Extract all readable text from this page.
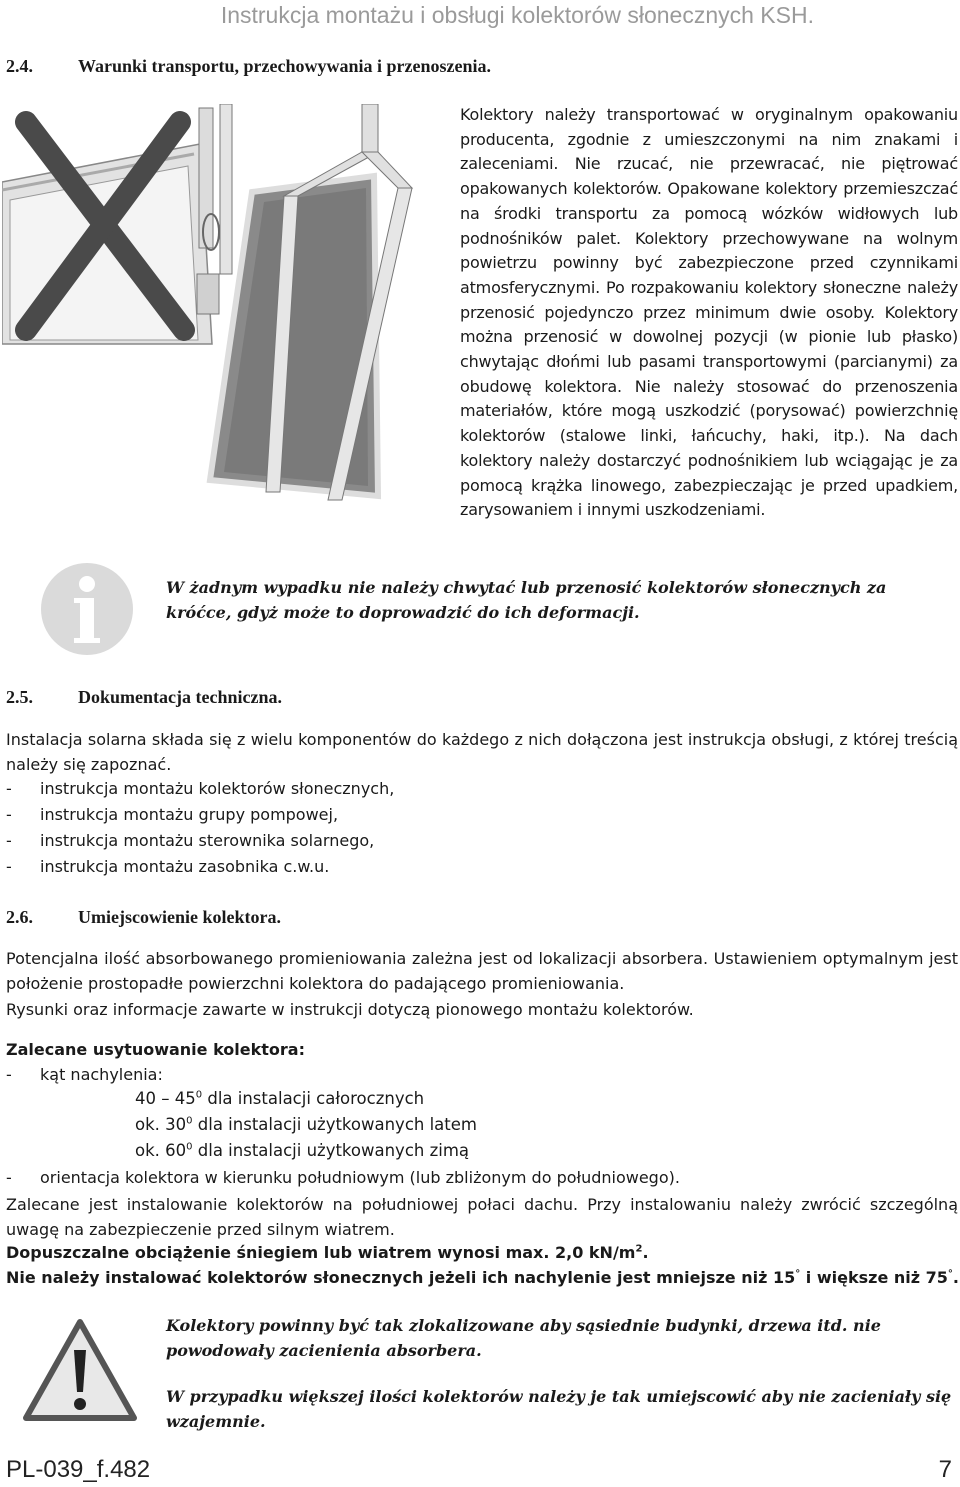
Instrukcja montażu i obsługi kolektorów słonecznych KSH.
2.4.	Warunki transportu, przechowywania i przenoszenia.
Kolektory należy transportować w oryginalnym opakowaniu producenta, zgodnie z umieszczonymi na nim znakami i zaleceniami. Nie rzucać, nie przewracać, nie piętrować opakowanych kolektorów. Opakowane kolektory przemieszczać na środki transportu za pomocą wózków widłowych lub podnośników palet. Kolektory przechowywane na wolnym powietrzu powinny być zabezpieczone przed czynnikami atmosferycznymi. Po rozpakowaniu kolektory słoneczne należy przenosić pojedynczo przez minimum dwie osoby. Kolektory można przenosić w dowolnej pozycji (w pionie lub płasko) chwytając dłońmi lub pasami transportowymi (parcianymi) za obudowę kolektora. Nie należy stosować do przenoszenia materiałów, które mogą uszkodzić (porysować) powierzchnię kolektorów (stalowe linki, łańcuchy, haki, itp.). Na dach kolektory należy dostarczyć podnośnikiem lub wciągając je za pomocą krążka linowego, zabezpieczając je przed upadkiem, zarysowaniem i innymi uszkodzeniami.
W żadnym wypadku nie należy chwytać lub przenosić kolektorów słonecznych za króćce, gdyż może to doprowadzić do ich deformacji.
2.5.	Dokumentacja techniczna.
Instalacja solarna składa się z wielu komponentów do każdego z nich dołączona jest instrukcja obsługi, z której treścią należy się zapoznać.
- instrukcja montażu kolektorów słonecznych,
- instrukcja montażu grupy pompowej,
- instrukcja montażu sterownika solarnego,
- instrukcja montażu zasobnika c.w.u.
2.6.	Umiejscowienie kolektora.
Potencjalna ilość absorbowanego promieniowania zależna jest od lokalizacji absorbera. Ustawieniem optymalnym jest położenie prostopadłe powierzchni kolektora do padającego promieniowania.
Rysunki oraz informacje zawarte w instrukcji dotyczą pionowego montażu kolektorów.
Zalecane usytuowanie kolektora:
- kąt nachylenia:
$40 - 45^0$ dla instalacji całorocznych
ok. $30^0$ dla instalacji użytkowanych latem
ok. $60^0$ dla instalacji użytkowanych zimą
- orientacja kolektora w kierunku południowym (lub zbliżonym do południowego).
Zalecane jest instalowanie kolektorów na południowej połaci dachu. Przy instalowaniu należy zwrócić szczególną uwagę na zabezpieczenie przed silnym wiatrem.
Dopuszczalne obciążenie śniegiem lub wiatrem wynosi max. 2,0 $kN/m^2$.
Nie należy instalować kolektorów słonecznych jeżeli ich nachylenie jest mniejsze niż 15° i większe niż 75°.
Kolektory powinny być tak zlokalizowane aby sąsiednie budynki, drzewa itd. nie powodowały zacienienia absorbera.
W przypadku większej ilości kolektorów należy je tak umiejscowić aby nie zacieniały się wzajemnie.
PL-039_f.482	7
